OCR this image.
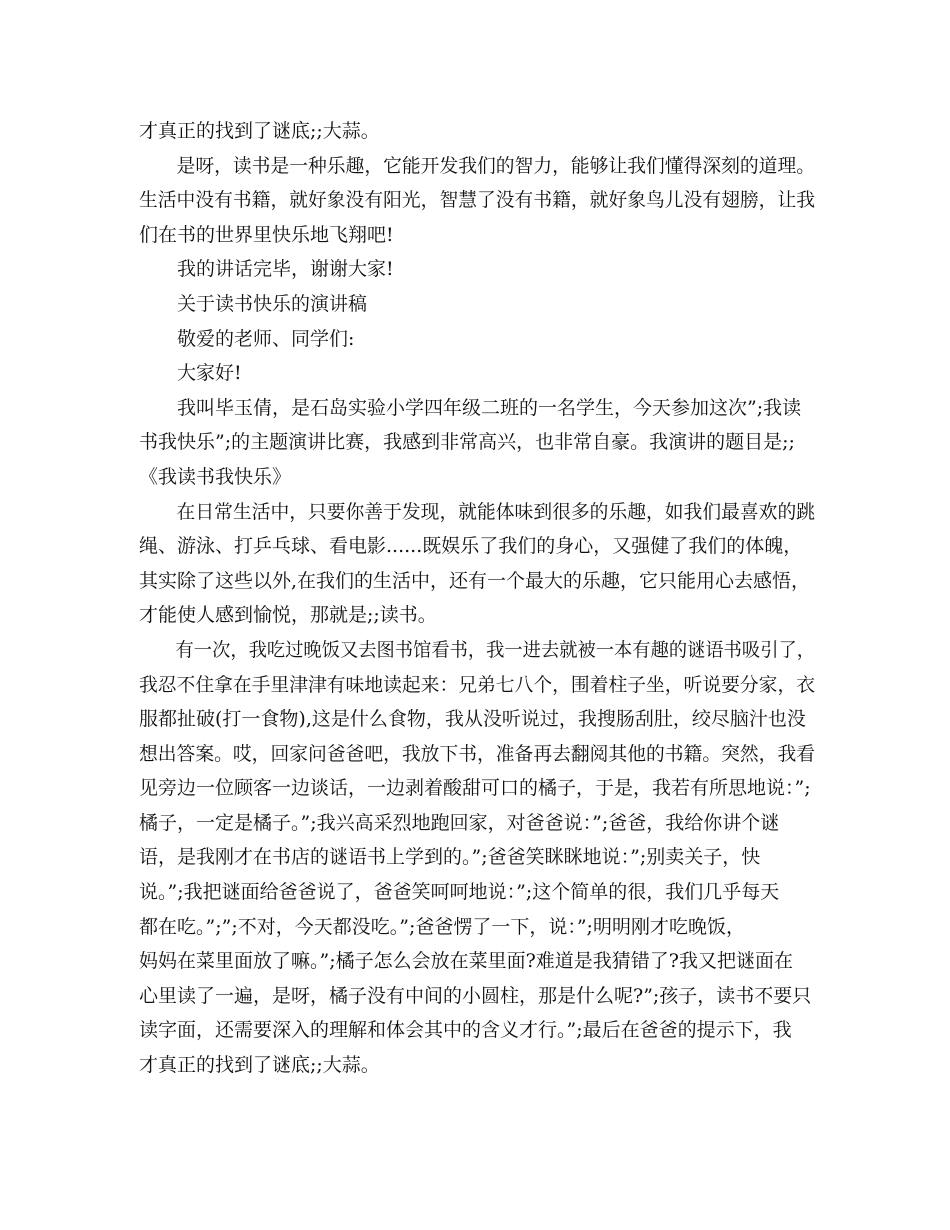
才真正的找到了谜底;;大蒜。
是呀，读书是一种乐趣，它能开发我们的智力，能够让我们懂得深刻的道理。
生活中没有书籍，就好象没有阳光，智慧了没有书籍，就好象鸟儿没有翅膀，让我
们在书的世界里快乐地飞翔吧!
我的讲话完毕，谢谢大家!
关于读书快乐的演讲稿
敬爱的老师、同学们:
大家好!
我叫毕玉倩，是石岛实验小学四年级二班的一名学生，今天参加这次”;我读
书我快乐”;的主题演讲比赛，我感到非常高兴，也非常自豪。我演讲的题目是;;
《我读书我快乐》
在日常生活中，只要你善于发现，就能体味到很多的乐趣，如我们最喜欢的跳
绳、游泳、打乒乓球、看电影......既娱乐了我们的身心，又强健了我们的体魄，
其实除了这些以外,在我们的生活中，还有一个最大的乐趣，它只能用心去感悟，
才能使人感到愉悦，那就是;;读书。
有一次，我吃过晚饭又去图书馆看书，我一进去就被一本有趣的谜语书吸引了，
我忍不住拿在手里津津有味地读起来：兄弟七八个，围着柱子坐，听说要分家，衣
服都扯破(打一食物),这是什么食物，我从没听说过，我搜肠刮肚，绞尽脑汁也没
想出答案。哎，回家问爸爸吧，我放下书，准备再去翻阅其他的书籍。突然，我看
见旁边一位顾客一边谈话，一边剥着酸甜可口的橘子，于是，我若有所思地说：”;
橘子，一定是橘子。”;我兴高采烈地跑回家，对爸爸说：”;爸爸，我给你讲个谜
语，是我刚才在书店的谜语书上学到的。”;爸爸笑眯眯地说：”;别卖关子，快
说。”;我把谜面给爸爸说了，爸爸笑呵呵地说：”;这个简单的很，我们几乎每天
都在吃。”;”;不对，今天都没吃。”;爸爸愣了一下，说：”;明明刚才吃晚饭，
妈妈在菜里面放了嘛。”;橘子怎么会放在菜里面?难道是我猜错了?我又把谜面在
心里读了一遍，是呀，橘子没有中间的小圆柱，那是什么呢?”;孩子，读书不要只
读字面，还需要深入的理解和体会其中的含义才行。”;最后在爸爸的提示下，我
才真正的找到了谜底;;大蒜。
